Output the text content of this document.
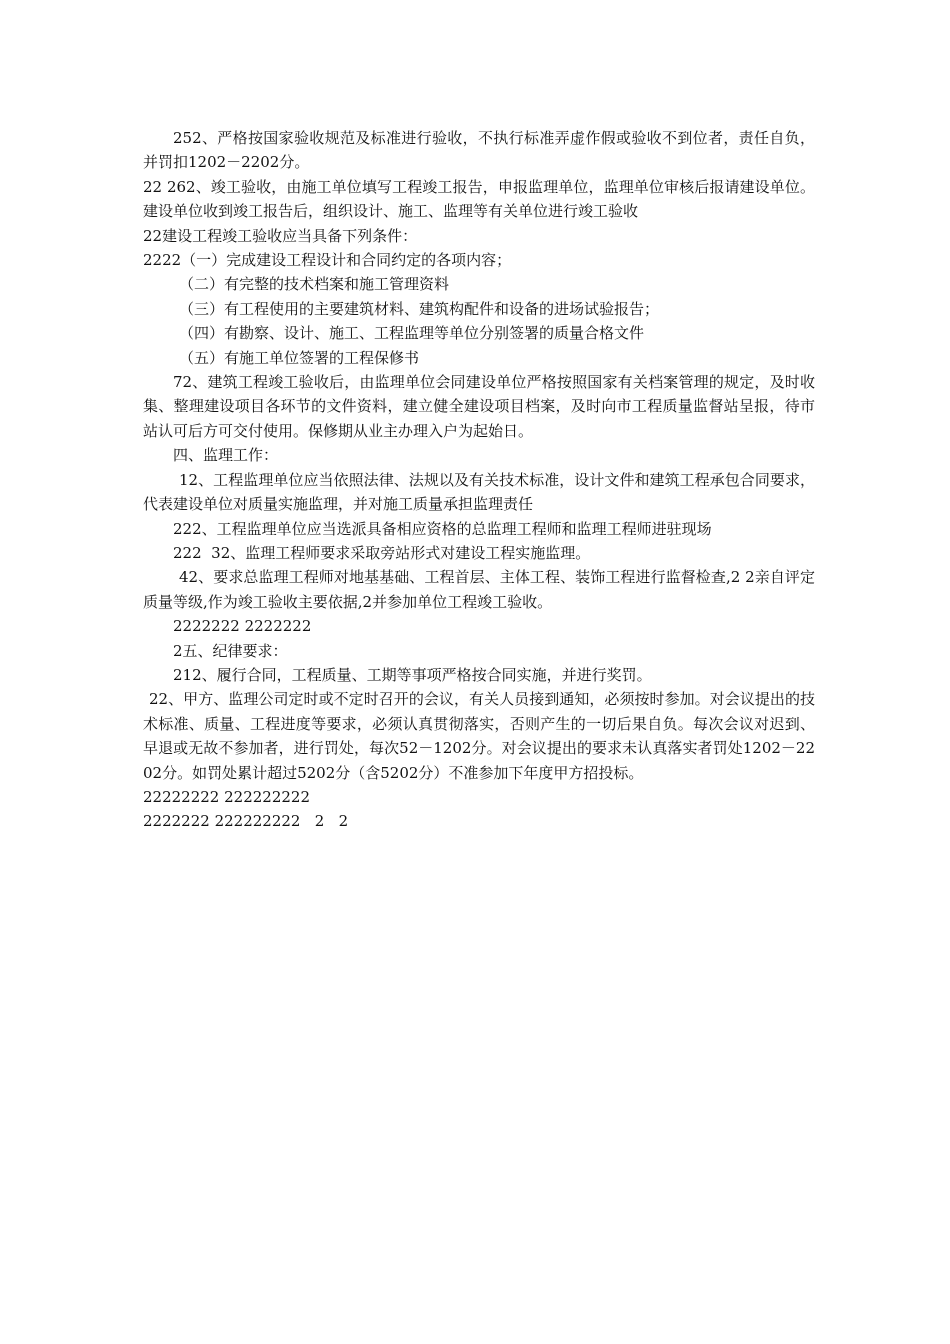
252、严格按国家验收规范及标准进行验收，不执行标准弄虚作假或验收不到位者，责任自负，并罚扣1202－2202分。

22 262、竣工验收，由施工单位填写工程竣工报告，申报监理单位，监理单位审核后报请建设单位。建设单位收到竣工报告后，组织设计、施工、监理等有关单位进行竣工验收

22建设工程竣工验收应当具备下列条件：

2222（一）完成建设工程设计和合同约定的各项内容；

（二）有完整的技术档案和施工管理资料

（三）有工程使用的主要建筑材料、建筑构配件和设备的进场试验报告；

（四）有勘察、设计、施工、工程监理等单位分别签署的质量合格文件

（五）有施工单位签署的工程保修书

72、建筑工程竣工验收后，由监理单位会同建设单位严格按照国家有关档案管理的规定，及时收集、整理建设项目各环节的文件资料，建立健全建设项目档案，及时向市工程质量监督站呈报，待市站认可后方可交付使用。保修期从业主办理入户为起始日。

四、监理工作：

12、工程监理单位应当依照法律、法规以及有关技术标准，设计文件和建筑工程承包合同要求，代表建设单位对质量实施监理，并对施工质量承担监理责任

222、工程监理单位应当选派具备相应资格的总监理工程师和监理工程师进驻现场

222  32、监理工程师要求采取旁站形式对建设工程实施监理。

42、要求总监理工程师对地基基础、工程首层、主体工程、装饰工程进行监督检查,2 2亲自评定质量等级,作为竣工验收主要依据,2并参加单位工程竣工验收。

2222222 2222222

2五、纪律要求：

212、履行合同，工程质量、工期等事项严格按合同实施，并进行奖罚。

22、甲方、监理公司定时或不定时召开的会议，有关人员接到通知，必须按时参加。对会议提出的技术标准、质量、工程进度等要求，必须认真贯彻落实，否则产生的一切后果自负。每次会议对迟到、早退或无故不参加者，进行罚处，每次52－1202分。对会议提出的要求未认真落实者罚处1202－2202分。如罚处累计超过5202分（含5202分）不准参加下年度甲方招投标。

22222222 222222222

2222222 222222222   2   2
